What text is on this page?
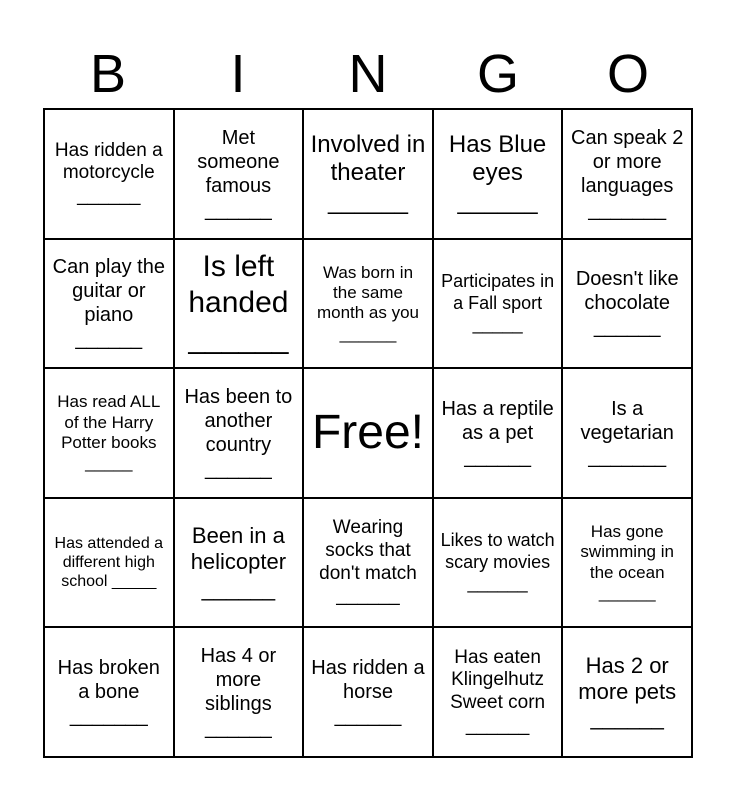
B	I	N	G	O
Has ridden a motorcycle ______
Met someone famous ______
Involved in theater ______
Has Blue eyes ______
Can speak 2 or more languages _______
Can play the guitar or piano ______
Is left handed ______
Was born in the same month as you ______
Participates in a Fall sport _____
Doesn't like chocolate ______
Has read ALL of the Harry Potter books _____
Has been to another country ______
Free! Has a reptile as a pet ______
Is a vegetarian _______
Has attended a different high school _____
Been in a helicopter ______
Wearing socks that don't match ______
Likes to watch scary movies ______
Has gone swimming in the ocean ______
Has broken a bone _______
Has 4 or more siblings ______
Has ridden a horse ______
Has eaten Klingelhutz Sweet corn ______
Has 2 or more pets ______
